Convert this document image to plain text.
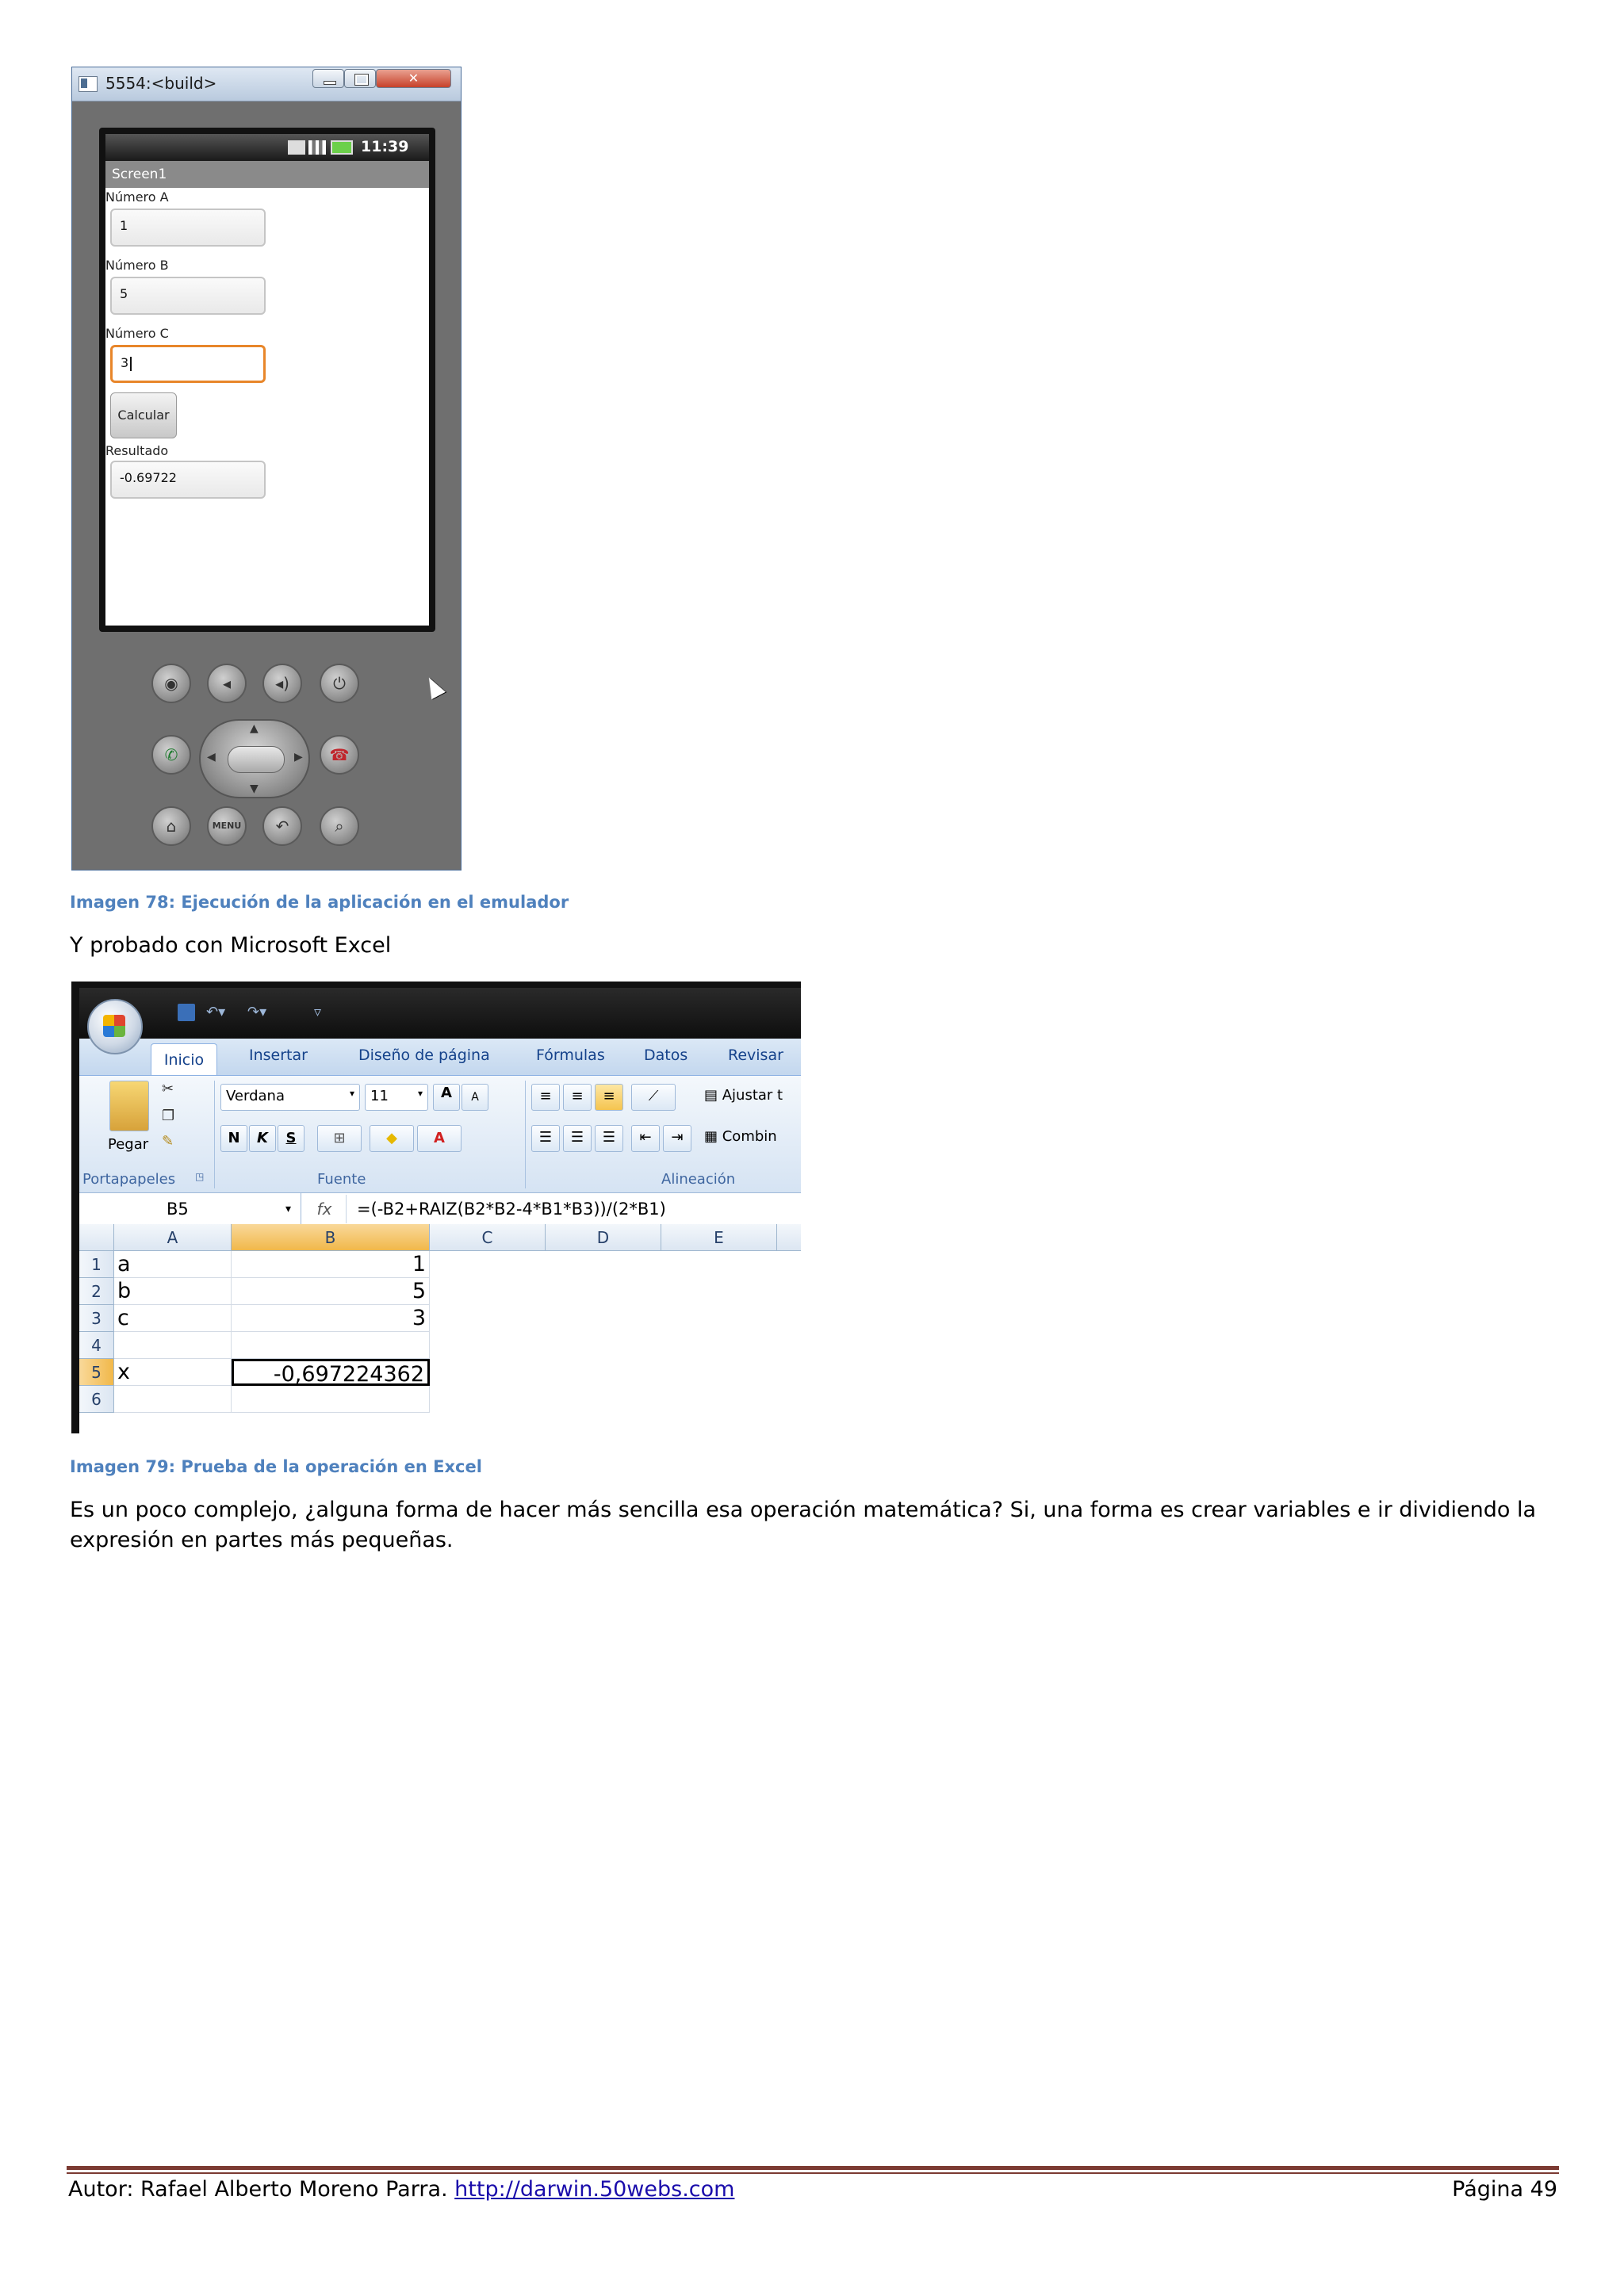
5554:<build>
✕
11:39
Screen1
Número A
1
Número B
5
Número C
3
Calcular
Resultado
-0.69722
◉	◂	◂)	⏻
✆
▲
▼
◀	▶	☎
⌂	MENU	↶	⌕
Imagen 78: Ejecución de la aplicación en el emulador
Y probado con Microsoft Excel
↶▾ ↷▾	▿
Inicio	Insertar	Diseño de página	Fórmulas	Datos	Revisar
Pegar
✂
❐
✎
Portapapeles ◳
Verdana	▾	11	▾	A	A
N	K	S	⊞	◆	A
Fuente
≡	≡	≡	⟋
☰	☰	☰	⇤	⇥
▤ Ajustar t
▦ Combin
Alineación
B5	▾	fx	=(-B2+RAIZ(B2*B2-4*B1*B3))/(2*B1)
A	B	C	D	E
1 a	1
2 b	5
3 c	3
4
5 x	-0,697224362
6
Imagen 79: Prueba de la operación en Excel
Es un poco complejo, ¿alguna forma de hacer más sencilla esa operación matemática? Si, una forma es crear variables e ir dividiendo la expresión en partes más pequeñas.
Autor: Rafael Alberto Moreno Parra. http://darwin.50webs.com	Página 49
